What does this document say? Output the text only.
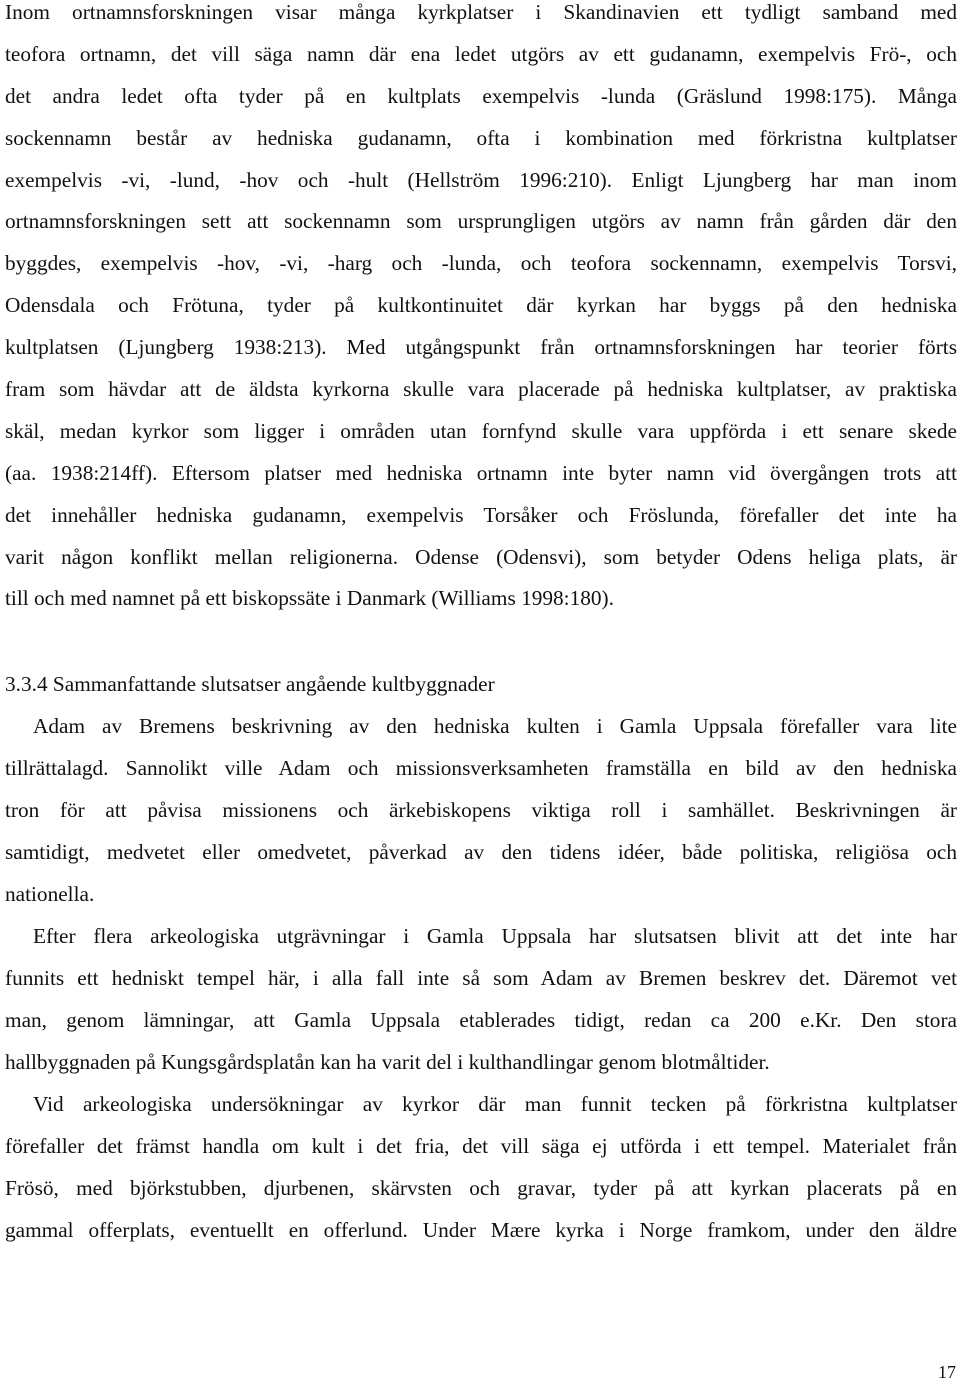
Inom ortnamnsforskningen visar många kyrkplatser i Skandinavien ett tydligt samband med

teofora ortnamn, det vill säga namn där ena ledet utgörs av ett gudanamn, exempelvis Frö-, och

det andra ledet ofta tyder på en kultplats exempelvis -lunda (Gräslund 1998:175). Många

sockennamn består av hedniska gudanamn, ofta i kombination med förkristna kultplatser

exempelvis -vi, -lund, -hov och -hult (Hellström 1996:210). Enligt Ljungberg har man inom

ortnamnsforskningen sett att sockennamn som ursprungligen utgörs av namn från gården där den

byggdes, exempelvis -hov, -vi, -harg och -lunda, och teofora sockennamn, exempelvis Torsvi,

Odensdala och Frötuna, tyder på kultkontinuitet där kyrkan har byggs på den hedniska

kultplatsen (Ljungberg 1938:213). Med utgångspunkt från ortnamnsforskningen har teorier förts

fram som hävdar att de äldsta kyrkorna skulle vara placerade på hedniska kultplatser, av praktiska

skäl, medan kyrkor som ligger i områden utan fornfynd skulle vara uppförda i ett senare skede

(aa. 1938:214ff). Eftersom platser med hedniska ortnamn inte byter namn vid övergången trots att

det innehåller hedniska gudanamn, exempelvis Torsåker och Fröslunda, förefaller det inte ha

varit någon konflikt mellan religionerna. Odense (Odensvi), som betyder Odens heliga plats, är

till och med namnet på ett biskopssäte i Danmark (Williams 1998:180).

3.3.4 Sammanfattande slutsatser angående kultbyggnader

Adam av Bremens beskrivning av den hedniska kulten i Gamla Uppsala förefaller vara lite

tillrättalagd. Sannolikt ville Adam och missionsverksamheten framställa en bild av den hedniska

tron för att påvisa missionens och ärkebiskopens viktiga roll i samhället. Beskrivningen är

samtidigt, medvetet eller omedvetet, påverkad av den tidens idéer, både politiska, religiösa och

nationella.

Efter flera arkeologiska utgrävningar i Gamla Uppsala har slutsatsen blivit att det inte har

funnits ett hedniskt tempel här, i alla fall inte så som Adam av Bremen beskrev det. Däremot vet

man, genom lämningar, att Gamla Uppsala etablerades tidigt, redan ca 200 e.Kr. Den stora

hallbyggnaden på Kungsgårdsplatån kan ha varit del i kulthandlingar genom blotmåltider.

Vid arkeologiska undersökningar av kyrkor där man funnit tecken på förkristna kultplatser

förefaller det främst handla om kult i det fria, det vill säga ej utförda i ett tempel. Materialet från

Frösö, med björkstubben, djurbenen, skärvsten och gravar, tyder på att kyrkan placerats på en

gammal offerplats, eventuellt en offerlund. Under Mære kyrka i Norge framkom, under den äldre

17
